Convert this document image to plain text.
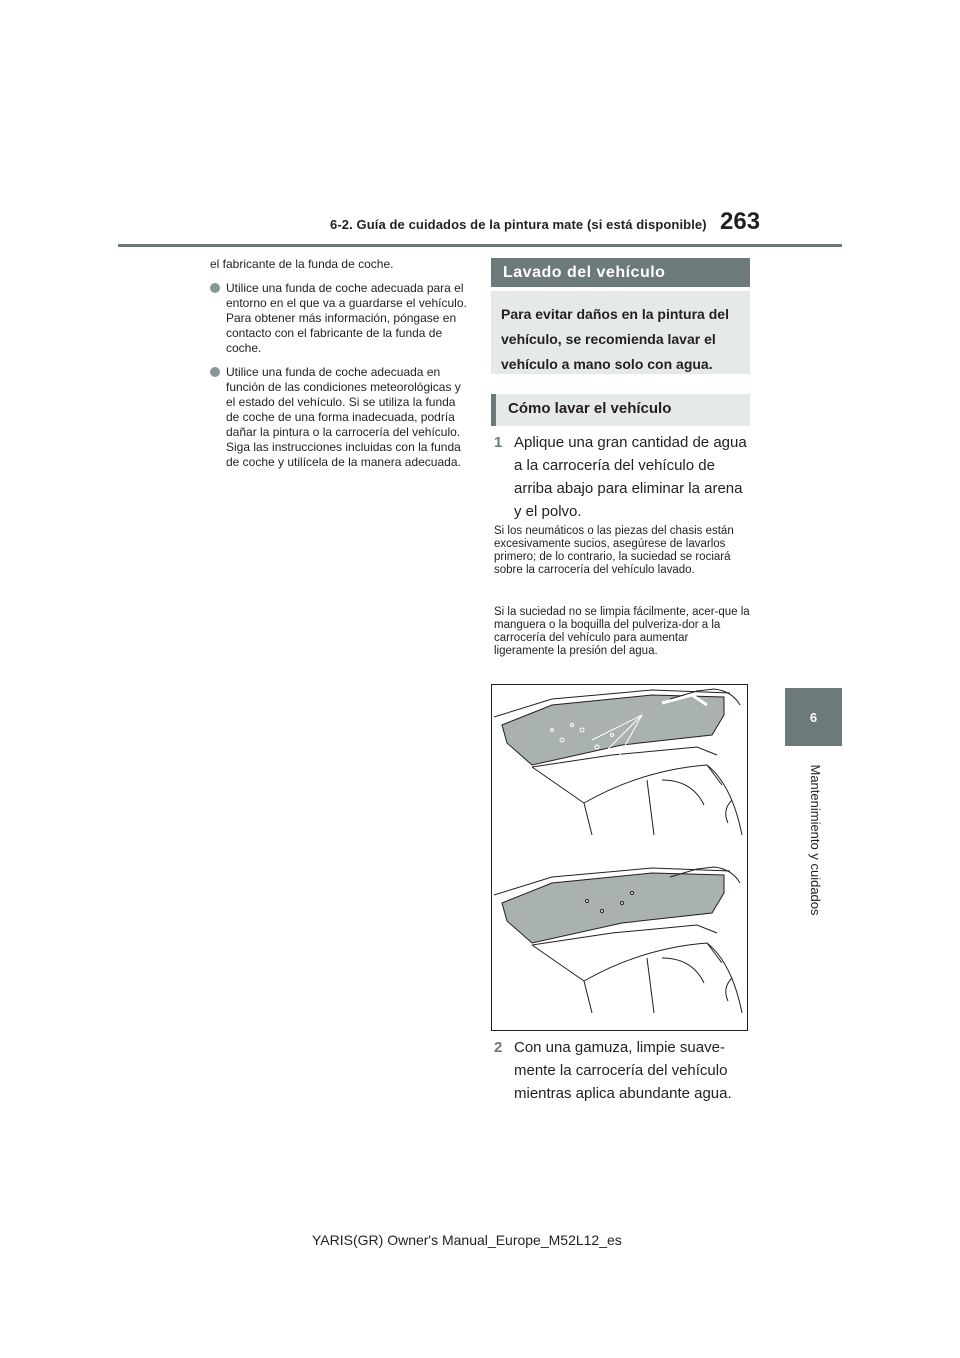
6-2. Guía de cuidados de la pintura mate (si está disponible) 263
6
Mantenimiento y cuidados

el fabricante de la funda de coche.

Utilice una funda de coche adecuada para el entorno en el que va a guardarse el vehículo. Para obtener más información, póngase en contacto con el fabricante de la funda de coche.
Utilice una funda de coche adecuada en función de las condiciones meteorológicas y el estado del vehículo. Si se utiliza la funda de coche de una forma inadecuada, podría dañar la pintura o la carrocería del vehículo. Siga las instrucciones incluidas con la funda de coche y utilícela de la manera adecuada.
Lavado del vehículo
Para evitar daños en la pintura del vehículo, se recomienda lavar el vehículo a mano solo con agua.
Cómo lavar el vehículo
1 Aplique una gran cantidad de agua a la carrocería del vehículo de arriba abajo para eliminar la arena y el polvo.
Si los neumáticos o las piezas del chasis están excesivamente sucios, asegúrese de lavarlos primero; de lo contrario, la suciedad se rociará sobre la carrocería del vehículo lavado.
Si la suciedad no se limpia fácilmente, acer-que la manguera o la boquilla del pulveriza-dor a la carrocería del vehículo para aumentar ligeramente la presión del agua.
2 Con una gamuza, limpie suave-mente la carrocería del vehículo mientras aplica abundante agua.
YARIS(GR) Owner's Manual_Europe_M52L12_es
